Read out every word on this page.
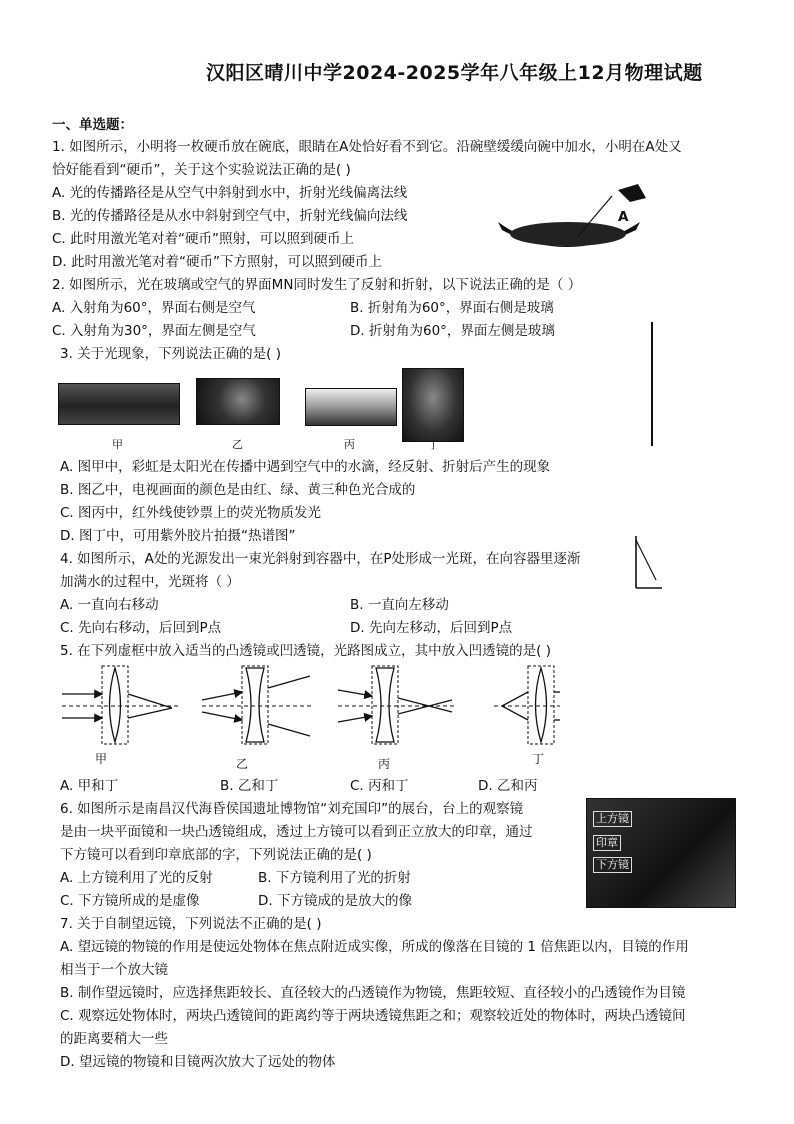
汉阳区晴川中学2024-2025学年八年级上12月物理试题
一、单选题：
1. 如图所示，小明将一枚硬币放在碗底，眼睛在A处恰好看不到它。沿碗壁缓缓向碗中加水，小明在A处又
恰好能看到“硬币”，关于这个实验说法正确的是( )
A. 光的传播路径是从空气中斜射到水中，折射光线偏离法线
B. 光的传播路径是从水中斜射到空气中，折射光线偏向法线
C. 此时用激光笔对着“硬币”照射，可以照到硬币上
D. 此时用激光笔对着“硬币”下方照射，可以照到硬币上
A
2. 如图所示，光在玻璃或空气的界面MN同时发生了反射和折射，以下说法正确的是（ ）
A. 入射角为60°，界面右侧是空气	B. 折射角为60°，界面右侧是玻璃
C. 入射角为30°，界面左侧是空气	D. 折射角为60°，界面左侧是玻璃
3. 关于光现象，下列说法正确的是( )
甲	乙	丙	丁
A. 图甲中，彩虹是太阳光在传播中遇到空气中的水滴，经反射、折射后产生的现象
B. 图乙中，电视画面的颜色是由红、绿、黄三种色光合成的
C. 图丙中，红外线使钞票上的荧光物质发光
D. 图丁中，可用紫外胶片拍摄“热谱图”
4. 如图所示，A处的光源发出一束光斜射到容器中，在P处形成一光斑，在向容器里逐渐
加满水的过程中，光斑将（ ）
A. 一直向右移动	B. 一直向左移动
C. 先向右移动，后回到P点	D. 先向左移动，后回到P点
5. 在下列虚框中放入适当的凸透镜或凹透镜，光路图成立，其中放入凹透镜的是( )
甲	乙	丙	丁
A. 甲和丁	B. 乙和丁	C. 丙和丁	D. 乙和丙
6. 如图所示是南昌汉代海昏侯国遗址博物馆“刘充国印”的展台，台上的观察镜
是由一块平面镜和一块凸透镜组成，透过上方镜可以看到正立放大的印章，通过
下方镜可以看到印章底部的字，下列说法正确的是( )
A. 上方镜利用了光的反射	B. 下方镜利用了光的折射
C. 下方镜所成的是虚像	D. 下方镜成的是放大的像
上方镜
印章
下方镜
7. 关于自制望远镜，下列说法不正确的是( )
A. 望远镜的物镜的作用是使远处物体在焦点附近成实像，所成的像落在目镜的 1 倍焦距以内，目镜的作用
相当于一个放大镜
B. 制作望远镜时，应选择焦距较长、直径较大的凸透镜作为物镜，焦距较短、直径较小的凸透镜作为目镜
C. 观察远处物体时，两块凸透镜间的距离约等于两块透镜焦距之和；观察较近处的物体时，两块凸透镜间
的距离要稍大一些
D. 望远镜的物镜和目镜两次放大了远处的物体
